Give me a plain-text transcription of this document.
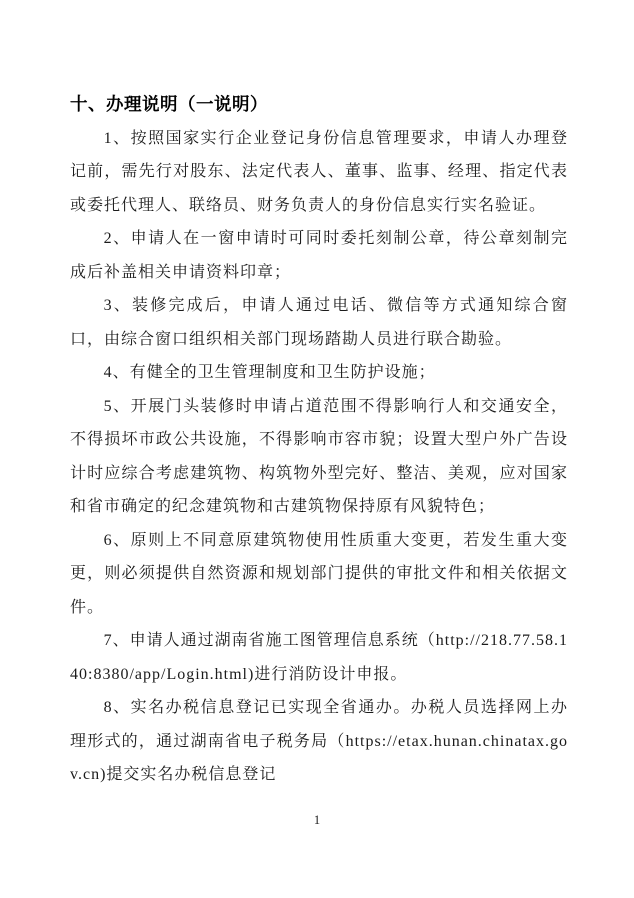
十、办理说明（一说明）

1、按照国家实行企业登记身份信息管理要求，申请人办理登记前，需先行对股东、法定代表人、董事、监事、经理、指定代表或委托代理人、联络员、财务负责人的身份信息实行实名验证。

2、申请人在一窗申请时可同时委托刻制公章，待公章刻制完成后补盖相关申请资料印章；

3、装修完成后，申请人通过电话、微信等方式通知综合窗口，由综合窗口组织相关部门现场踏勘人员进行联合勘验。

4、有健全的卫生管理制度和卫生防护设施；

5、开展门头装修时申请占道范围不得影响行人和交通安全，不得损坏市政公共设施，不得影响市容市貌；设置大型户外广告设计时应综合考虑建筑物、构筑物外型完好、整洁、美观，应对国家和省市确定的纪念建筑物和古建筑物保持原有风貌特色；

6、原则上不同意原建筑物使用性质重大变更，若发生重大变更，则必须提供自然资源和规划部门提供的审批文件和相关依据文件。

7、申请人通过湖南省施工图管理信息系统（http://218.77.58.140:8380/app/Login.html)进行消防设计申报。

8、实名办税信息登记已实现全省通办。办税人员选择网上办理形式的，通过湖南省电子税务局（https://etax.hunan.chinatax.gov.cn)提交实名办税信息登记

1
